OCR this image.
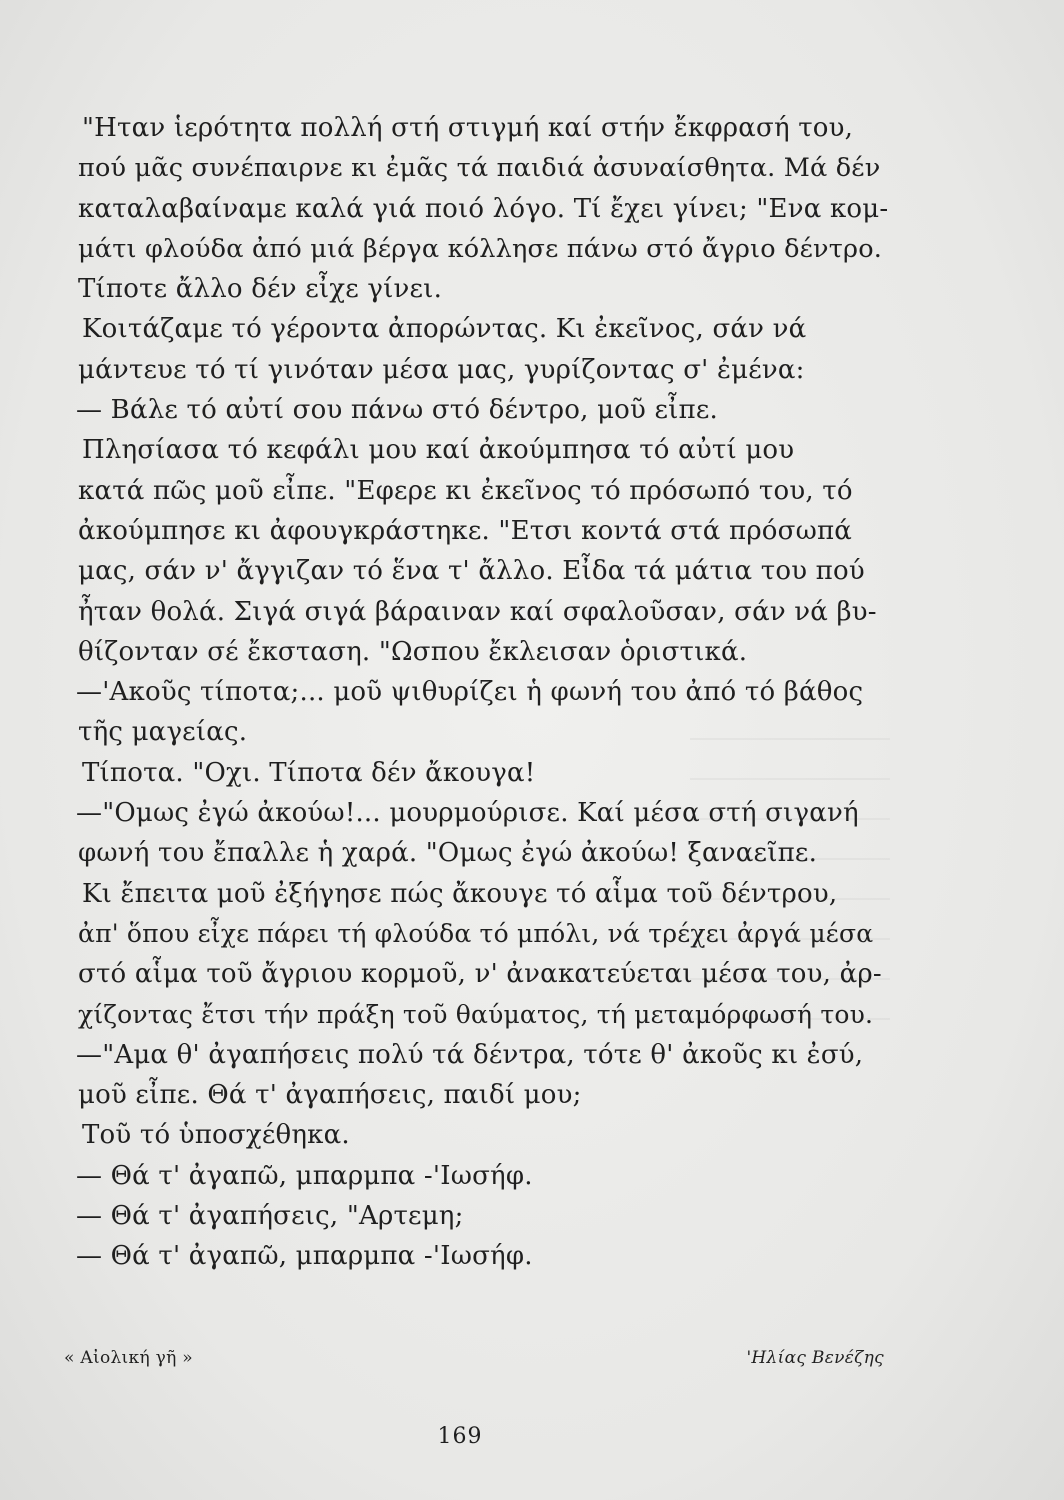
"Ηταν ἱερότητα πολλή στή στιγμή καί στήν ἔκφρασή του,
πού μᾶς συνέπαιρνε κι ἐμᾶς τά παιδιά ἀσυναίσθητα. Μά δέν
καταλαβαίναμε καλά γιά ποιό λόγο. Τί ἔχει γίνει; "Ενα κομ-
μάτι φλούδα ἀπό μιά βέργα κόλλησε πάνω στό ἄγριο δέντρο.
Τίποτε ἄλλο δέν εἶχε γίνει.
Κοιτάζαμε τό γέροντα ἀπορώντας. Κι ἐκεῖνος, σάν νά
μάντευε τό τί γινόταν μέσα μας, γυρίζοντας σ' ἐμένα:
— Βάλε τό αὐτί σου πάνω στό δέντρο, μοῦ εἶπε.
Πλησίασα τό κεφάλι μου καί ἀκούμπησα τό αὐτί μου
κατά πῶς μοῦ εἶπε. "Εφερε κι ἐκεῖνος τό πρόσωπό του, τό
ἀκούμπησε κι ἀφουγκράστηκε. "Ετσι κοντά στά πρόσωπά
μας, σάν ν' ἄγγιζαν τό ἕνα τ' ἄλλο. Εἶδα τά μάτια του πού
ἦταν θολά. Σιγά σιγά βάραιναν καί σφαλοῦσαν, σάν νά βυ-
θίζονταν σέ ἔκσταση. "Ωσπου ἔκλεισαν ὁριστικά.
—'Ακοῦς τίποτα;... μοῦ ψιθυρίζει ἡ φωνή του ἀπό τό βάθος
τῆς μαγείας.
Τίποτα. "Οχι. Τίποτα δέν ἄκουγα!
—"Ομως ἐγώ ἀκούω!... μουρμούρισε. Καί μέσα στή σιγανή
φωνή του ἔπαλλε ἡ χαρά. "Ομως ἐγώ ἀκούω! ξαναεῖπε.
Κι ἔπειτα μοῦ ἐξήγησε πώς ἄκουγε τό αἷμα τοῦ δέντρου,
ἀπ' ὅπου εἶχε πάρει τή φλούδα τό μπόλι, νά τρέχει ἀργά μέσα
στό αἷμα τοῦ ἄγριου κορμοῦ, ν' ἀνακατεύεται μέσα του, ἀρ-
χίζοντας ἔτσι τήν πράξη τοῦ θαύματος, τή μεταμόρφωσή του.
—"Αμα θ' ἀγαπήσεις πολύ τά δέντρα, τότε θ' ἀκοῦς κι ἐσύ,
μοῦ εἶπε. Θά τ' ἀγαπήσεις, παιδί μου;
Τοῦ τό ὑποσχέθηκα.
— Θά τ' ἀγαπῶ, μπαρμπα -'Ιωσήφ.
— Θά τ' ἀγαπήσεις, "Αρτεμη;
— Θά τ' ἀγαπῶ, μπαρμπα -'Ιωσήφ.
« Αἰολική γῆ »	'Ηλίας Βενέζης
169
